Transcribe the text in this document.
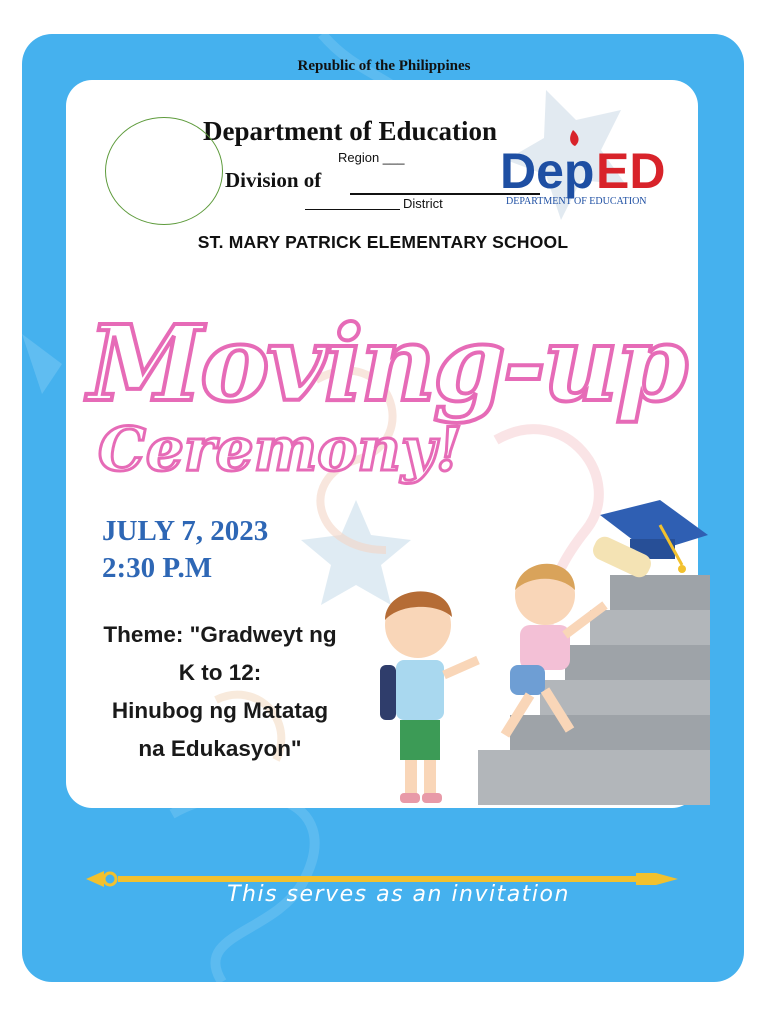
Republic of the Philippines
Department of Education
Region ___
Division of
District
ST. MARY PATRICK ELEMENTARY SCHOOL
Dep ED
DEPARTMENT OF EDUCATION
Moving-up
Ceremony!
JULY 7, 2023
2:30 P.M
Theme: "Gradweyt ng
K to 12:
Hinubog ng Matatag
na Edukasyon"
This serves as an invitation
